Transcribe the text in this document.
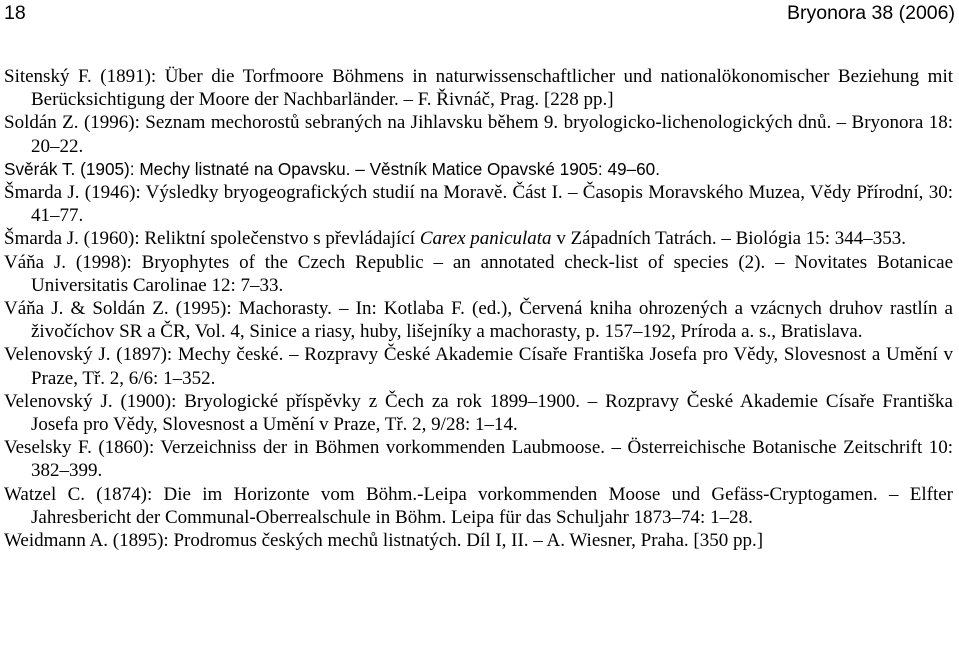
18	Bryonora 38 (2006)
Sitenský F. (1891): Über die Torfmoore Böhmens in naturwissenschaftlicher und nationalökonomischer Beziehung mit Berücksichtigung der Moore der Nachbarländer. – F. Řivnáč, Prag. [228 pp.]
Soldán Z. (1996): Seznam mechorostů sebraných na Jihlavsku během 9. bryologicko-lichenologických dnů. – Bryonora 18: 20–22.
Svěrák T. (1905): Mechy listnaté na Opavsku. – Věstník Matice Opavské 1905: 49–60.
Šmarda J. (1946): Výsledky bryogeografických studií na Moravě. Část I. – Časopis Moravského Muzea, Vědy Přírodní, 30: 41–77.
Šmarda J. (1960): Reliktní společenstvo s převládající Carex paniculata v Západních Tatrách. – Biológia 15: 344–353.
Váňa J. (1998): Bryophytes of the Czech Republic – an annotated check-list of species (2). – Novitates Botanicae Universitatis Carolinae 12: 7–33.
Váňa J. & Soldán Z. (1995): Machorasty. – In: Kotlaba F. (ed.), Červená kniha ohrozených a vzácnych druhov rastlín a živočíchov SR a ČR, Vol. 4, Sinice a riasy, huby, lišejníky a machorasty, p. 157–192, Príroda a. s., Bratislava.
Velenovský J. (1897): Mechy české. – Rozpravy České Akademie Císaře Františka Josefa pro Vědy, Slovesnost a Umění v Praze, Tř. 2, 6/6: 1–352.
Velenovský J. (1900): Bryologické příspěvky z Čech za rok 1899–1900. – Rozpravy České Akademie Císaře Františka Josefa pro Vědy, Slovesnost a Umění v Praze, Tř. 2, 9/28: 1–14.
Veselsky F. (1860): Verzeichniss der in Böhmen vorkommenden Laubmoose. – Österreichische Botanische Zeitschrift 10: 382–399.
Watzel C. (1874): Die im Horizonte vom Böhm.-Leipa vorkommenden Moose und Gefäss-Cryptogamen. – Elfter Jahresbericht der Communal-Oberrealschule in Böhm. Leipa für das Schuljahr 1873–74: 1–28.
Weidmann A. (1895): Prodromus českých mechů listnatých. Díl I, II. – A. Wiesner, Praha. [350 pp.]
